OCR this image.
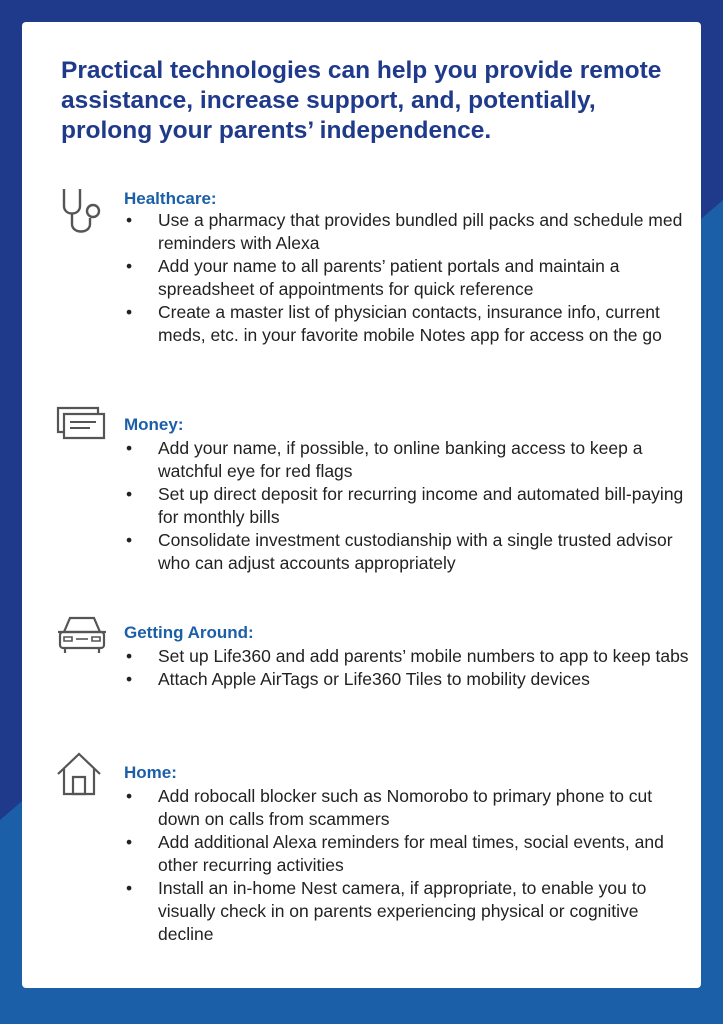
Practical technologies can help you provide remote assistance, increase support, and, potentially, prolong your parents’ independence.
Healthcare:
• Use a pharmacy that provides bundled pill packs and schedule med reminders with Alexa
• Add your name to all parents’ patient portals and maintain a spreadsheet of appointments for quick reference
• Create a master list of physician contacts, insurance info, current meds, etc. in your favorite mobile Notes app for access on the go
Money:
• Add your name, if possible, to online banking access to keep a watchful eye for red flags
• Set up direct deposit for recurring income and automated bill-paying for monthly bills
• Consolidate investment custodianship with a single trusted advisor who can adjust accounts appropriately
Getting Around:
• Set up Life360 and add parents’ mobile numbers to app to keep tabs
• Attach Apple AirTags or Life360 Tiles to mobility devices
Home:
• Add robocall blocker such as Nomorobo to primary phone to cut down on calls from scammers
• Add additional Alexa reminders for meal times, social events, and other recurring activities
• Install an in-home Nest camera, if appropriate, to enable you to visually check in on parents experiencing physical or cognitive decline
